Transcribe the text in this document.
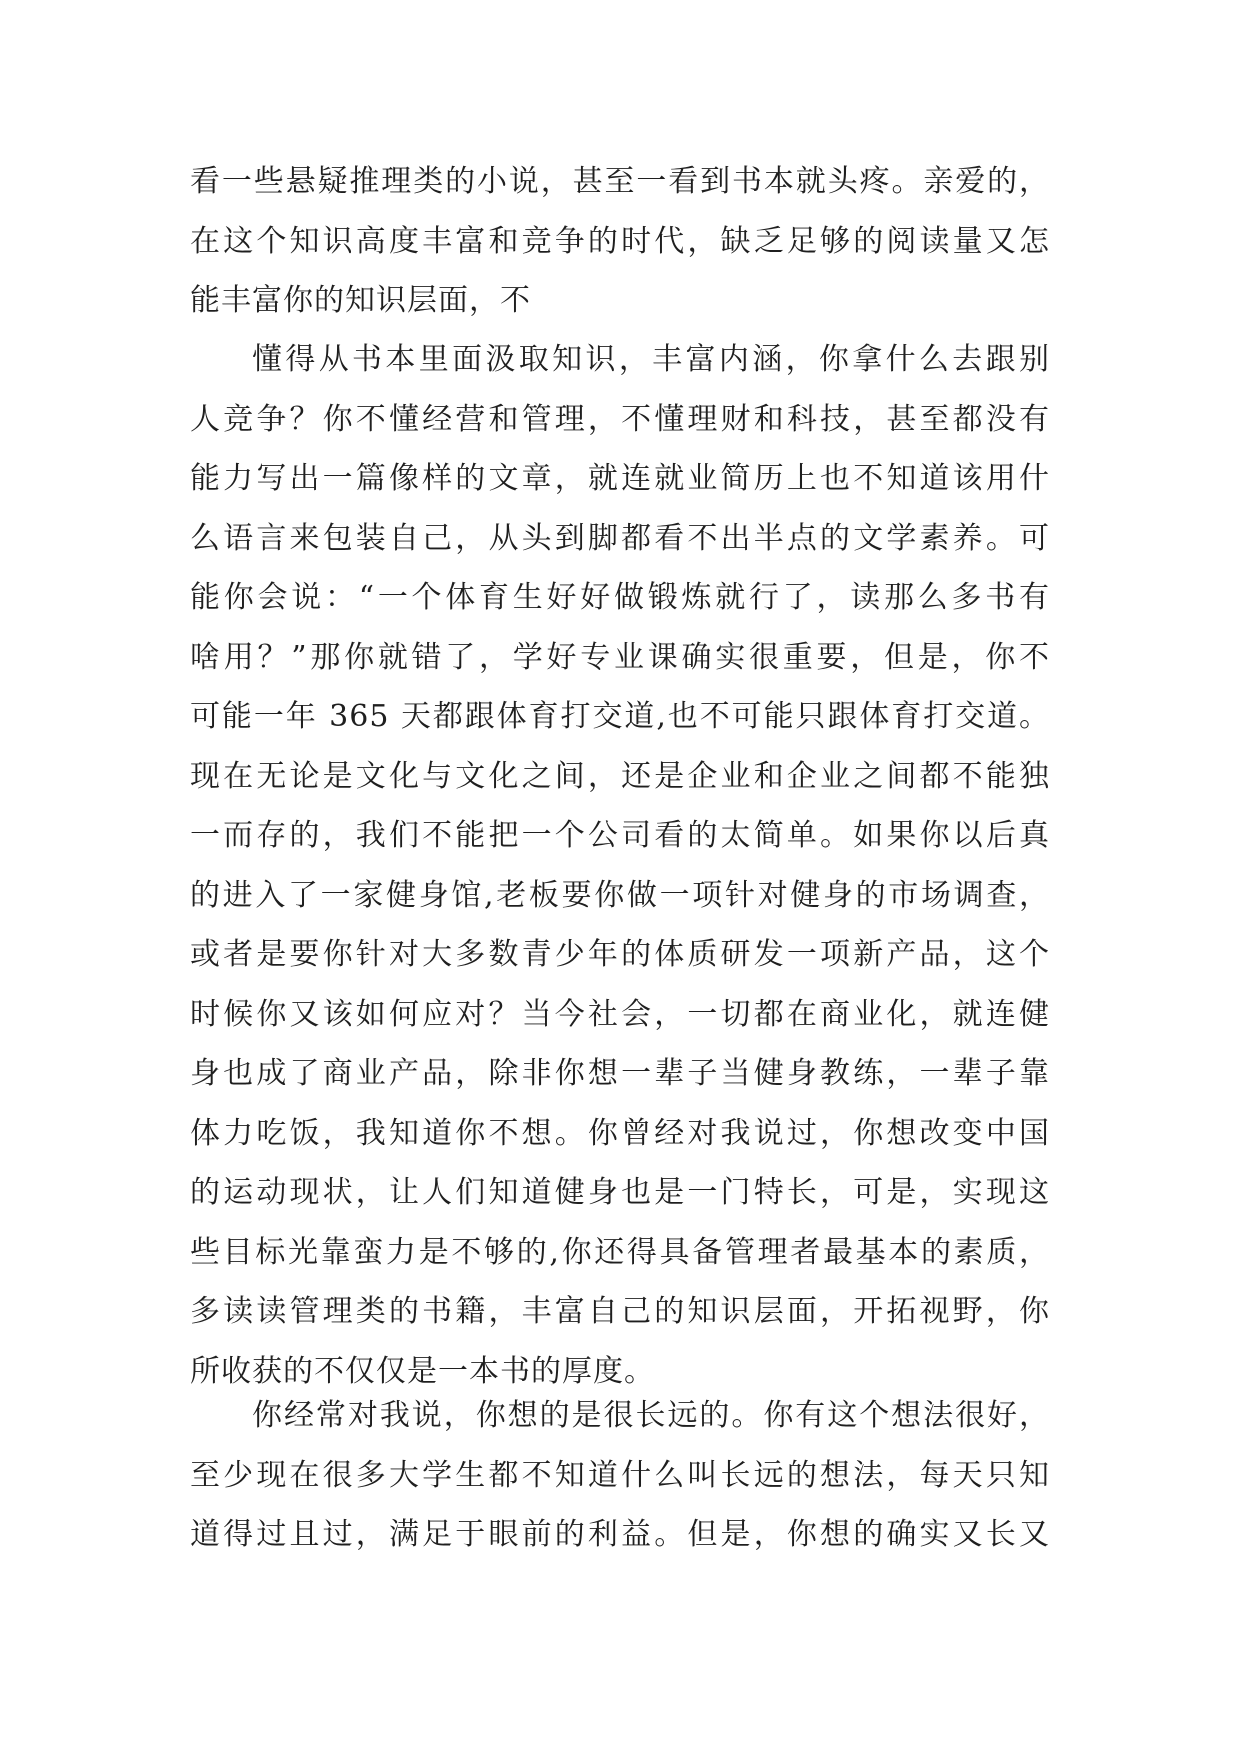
看一些悬疑推理类的小说，甚至一看到书本就头疼。亲爱的，
在这个知识高度丰富和竞争的时代，缺乏足够的阅读量又怎
能丰富你的知识层面，不
懂得从书本里面汲取知识，丰富内涵，你拿什么去跟别
人竞争？你不懂经营和管理，不懂理财和科技，甚至都没有
能力写出一篇像样的文章，就连就业简历上也不知道该用什
么语言来包装自己，从头到脚都看不出半点的文学素养。可
能你会说：“一个体育生好好做锻炼就行了，读那么多书有
啥用？”那你就错了，学好专业课确实很重要，但是，你不
可能一年 365 天都跟体育打交道,也不可能只跟体育打交道。
现在无论是文化与文化之间，还是企业和企业之间都不能独
一而存的，我们不能把一个公司看的太简单。如果你以后真
的进入了一家健身馆,老板要你做一项针对健身的市场调查，
或者是要你针对大多数青少年的体质研发一项新产品，这个
时候你又该如何应对？当今社会，一切都在商业化，就连健
身也成了商业产品，除非你想一辈子当健身教练，一辈子靠
体力吃饭，我知道你不想。你曾经对我说过，你想改变中国
的运动现状，让人们知道健身也是一门特长，可是，实现这
些目标光靠蛮力是不够的,你还得具备管理者最基本的素质，
多读读管理类的书籍，丰富自己的知识层面，开拓视野，你
所收获的不仅仅是一本书的厚度。
你经常对我说，你想的是很长远的。你有这个想法很好，
至少现在很多大学生都不知道什么叫长远的想法，每天只知
道得过且过，满足于眼前的利益。但是，你想的确实又长又
